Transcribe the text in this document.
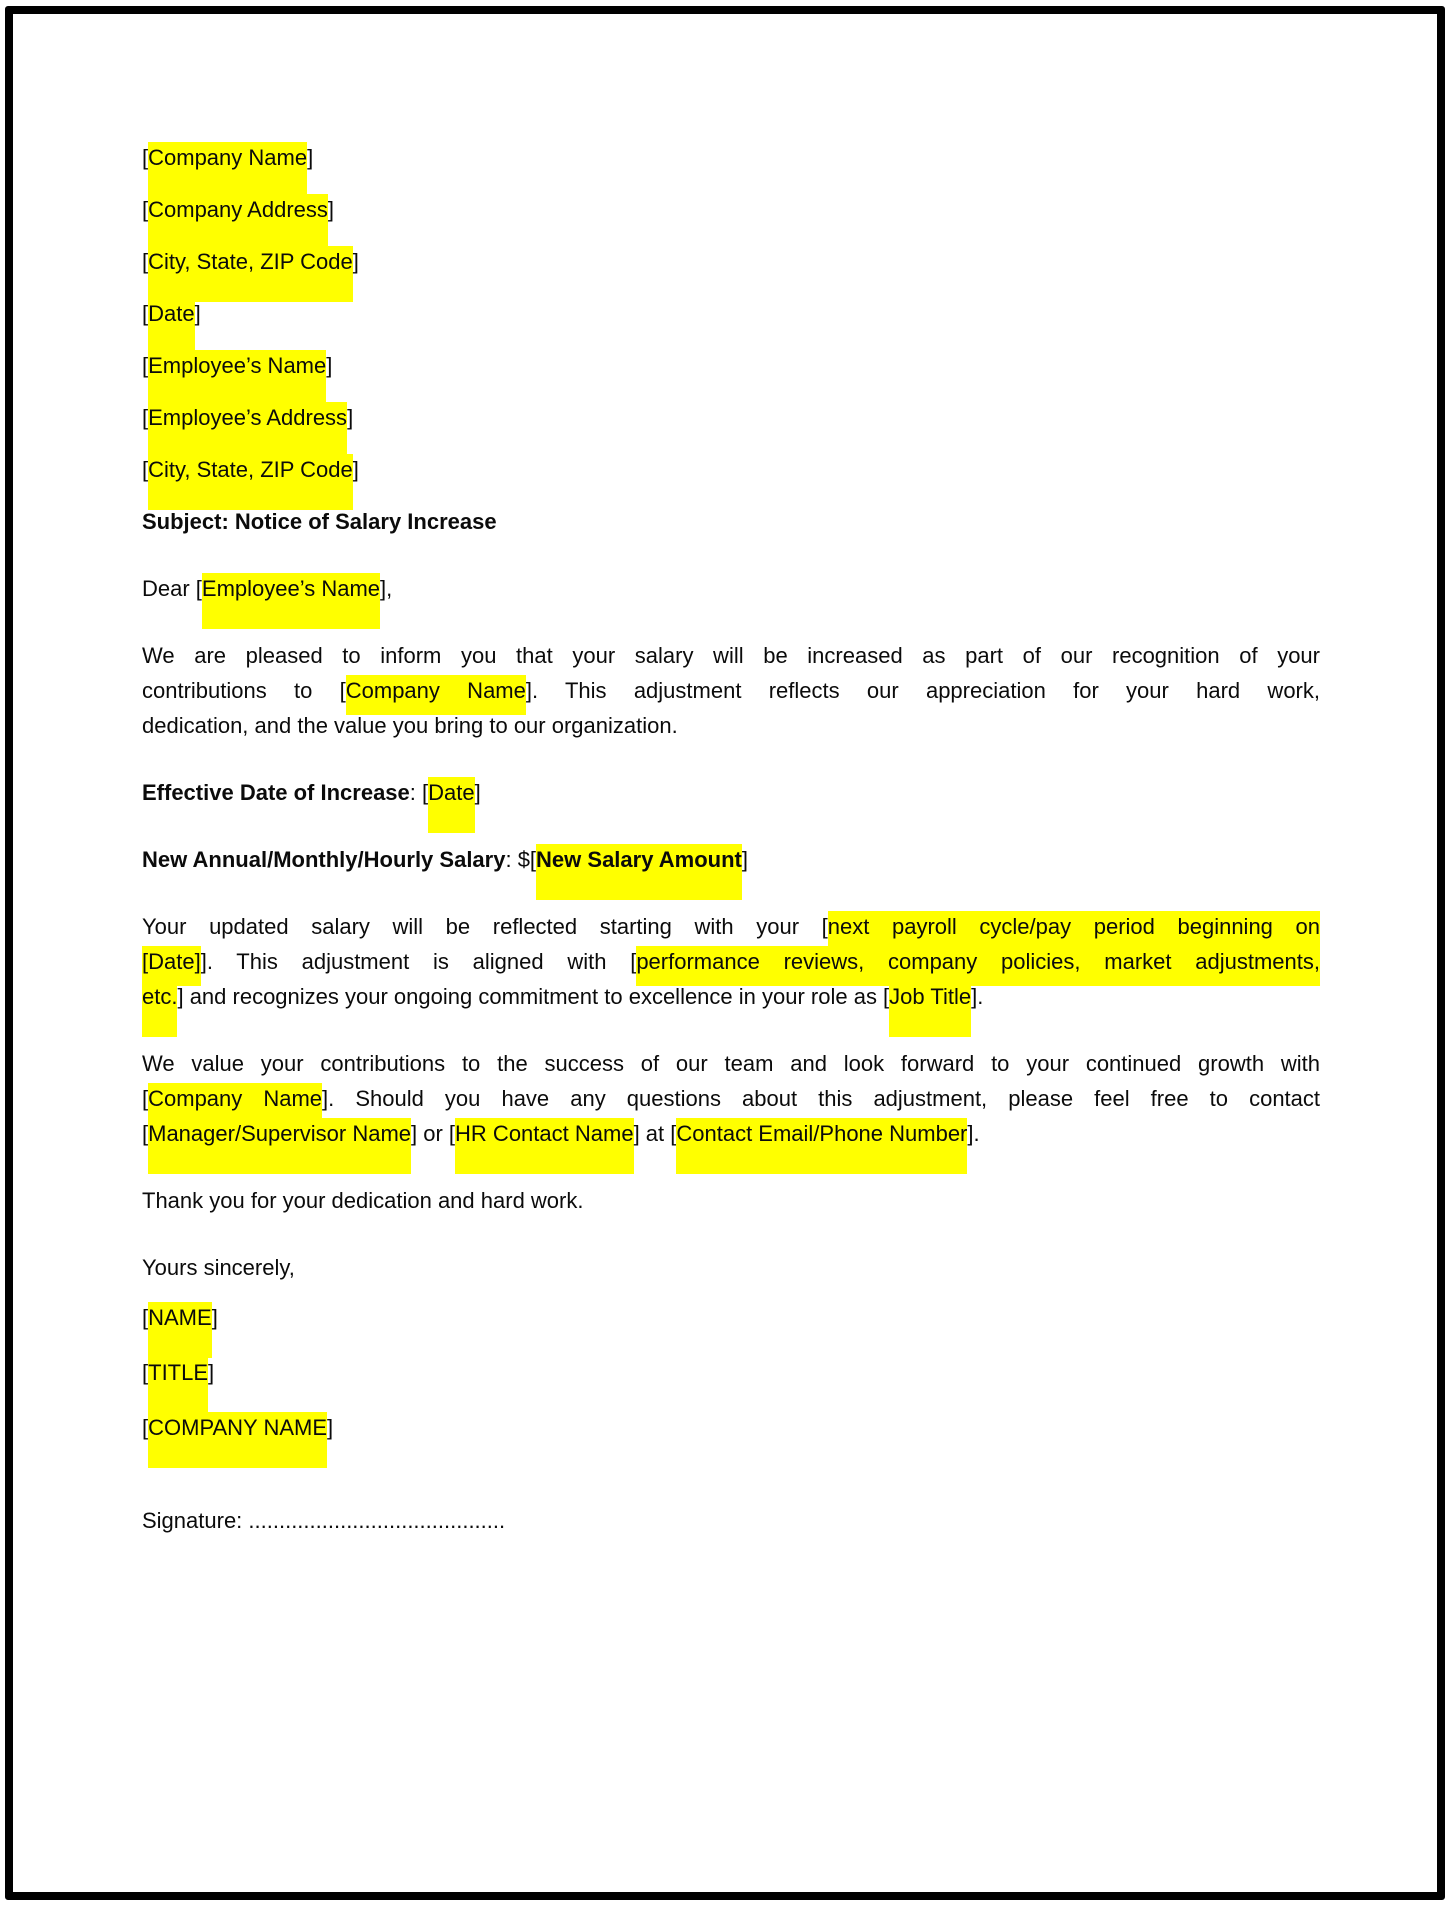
[Company Name]
[Company Address]
[City, State, ZIP Code]
[Date]
[Employee’s Name]
[Employee’s Address]
[City, State, ZIP Code]
Subject: Notice of Salary Increase
Dear [Employee’s Name],
We are pleased to inform you that your salary will be increased as part of our recognition of your
contributions to [Company Name]. This adjustment reflects our appreciation for your hard work,
dedication, and the value you bring to our organization.
Effective Date of Increase: [Date]
New Annual/Monthly/Hourly Salary: $[New Salary Amount]
Your updated salary will be reflected starting with your [next payroll cycle/pay period beginning on
[Date]]. This adjustment is aligned with [performance reviews, company policies, market adjustments,
etc.] and recognizes your ongoing commitment to excellence in your role as [Job Title].
We value your contributions to the success of our team and look forward to your continued growth with
[Company Name]. Should you have any questions about this adjustment, please feel free to contact
[Manager/Supervisor Name] or [HR Contact Name] at [Contact Email/Phone Number].
Thank you for your dedication and hard work.
Yours sincerely,
[NAME]
[TITLE]
[COMPANY NAME]
Signature: ..........................................
